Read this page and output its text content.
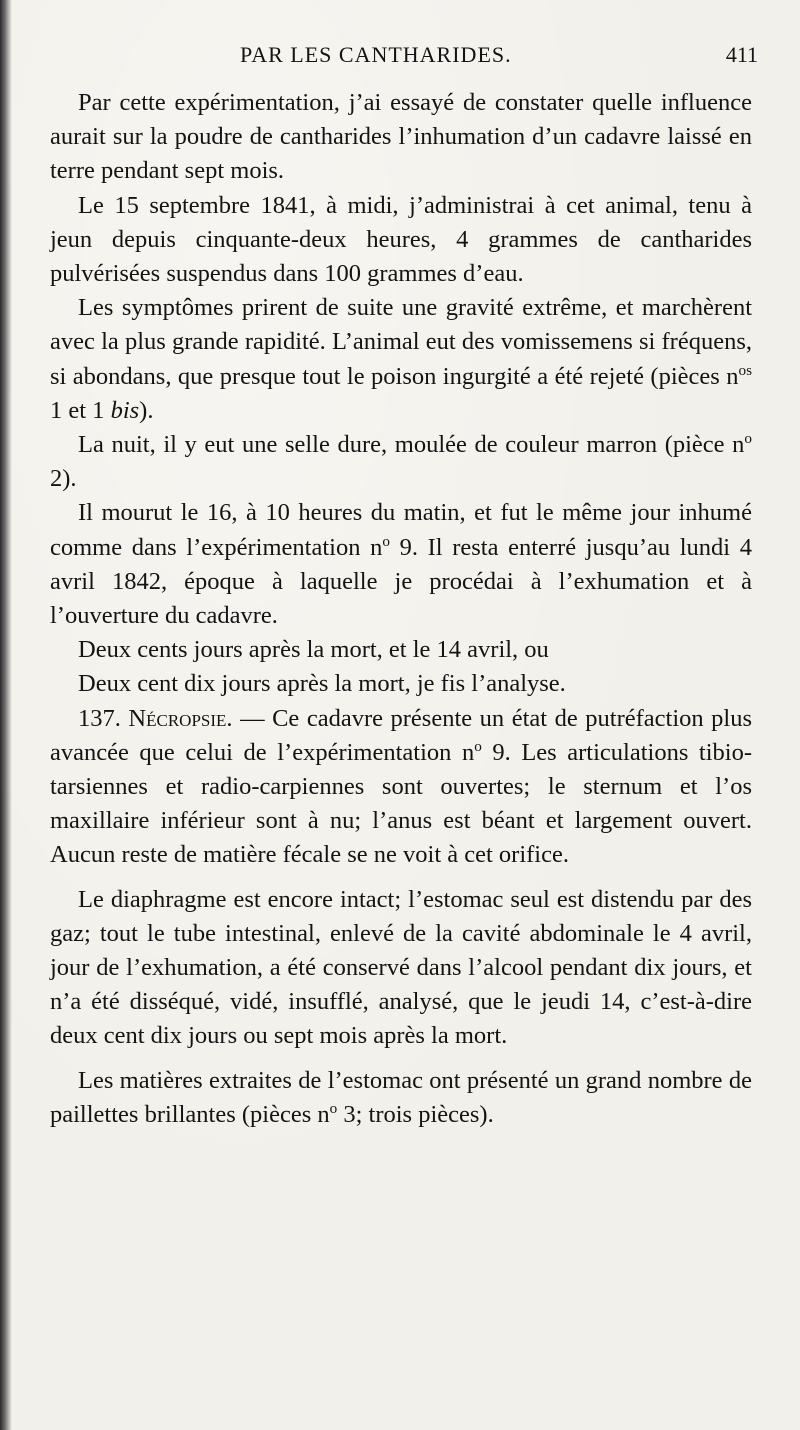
PAR LES CANTHARIDES.	411

Par cette expérimentation, j’ai essayé de constater quelle influence aurait sur la poudre de cantharides l’inhumation d’un cadavre laissé en terre pendant sept mois.

Le 15 septembre 1841, à midi, j’administrai à cet animal, tenu à jeun depuis cinquante-deux heures, 4 grammes de cantharides pulvérisées suspendus dans 100 grammes d’eau.

Les symptômes prirent de suite une gravité extrême, et marchèrent avec la plus grande rapidité. L’animal eut des vomissemens si fréquens, si abondans, que presque tout le poison ingurgité a été rejeté (pièces $n^{os}$ 1 et 1 bis).

La nuit, il y eut une selle dure, moulée de couleur marron (pièce $n^o$ 2).

Il mourut le 16, à 10 heures du matin, et fut le même jour inhumé comme dans l’expérimentation $n^o$ 9. Il resta enterré jusqu’au lundi 4 avril 1842, époque à laquelle je procédai à l’exhumation et à l’ouverture du cadavre.

Deux cents jours après la mort, et le 14 avril, ou

Deux cent dix jours après la mort, je fis l’analyse.

137. Nécropsie. — Ce cadavre présente un état de putréfaction plus avancée que celui de l’expérimentation $n^o$ 9. Les articulations tibio-tarsiennes et radio-carpiennes sont ouvertes; le sternum et l’os maxillaire inférieur sont à nu; l’anus est béant et largement ouvert. Aucun reste de matière fécale se ne voit à cet orifice.

Le diaphragme est encore intact; l’estomac seul est distendu par des gaz; tout le tube intestinal, enlevé de la cavité abdominale le 4 avril, jour de l’exhumation, a été conservé dans l’alcool pendant dix jours, et n’a été disséqué, vidé, insufflé, analysé, que le jeudi 14, c’est-à-dire deux cent dix jours ou sept mois après la mort.

Les matières extraites de l’estomac ont présenté un grand nombre de paillettes brillantes (pièces $n^o$ 3; trois pièces).
